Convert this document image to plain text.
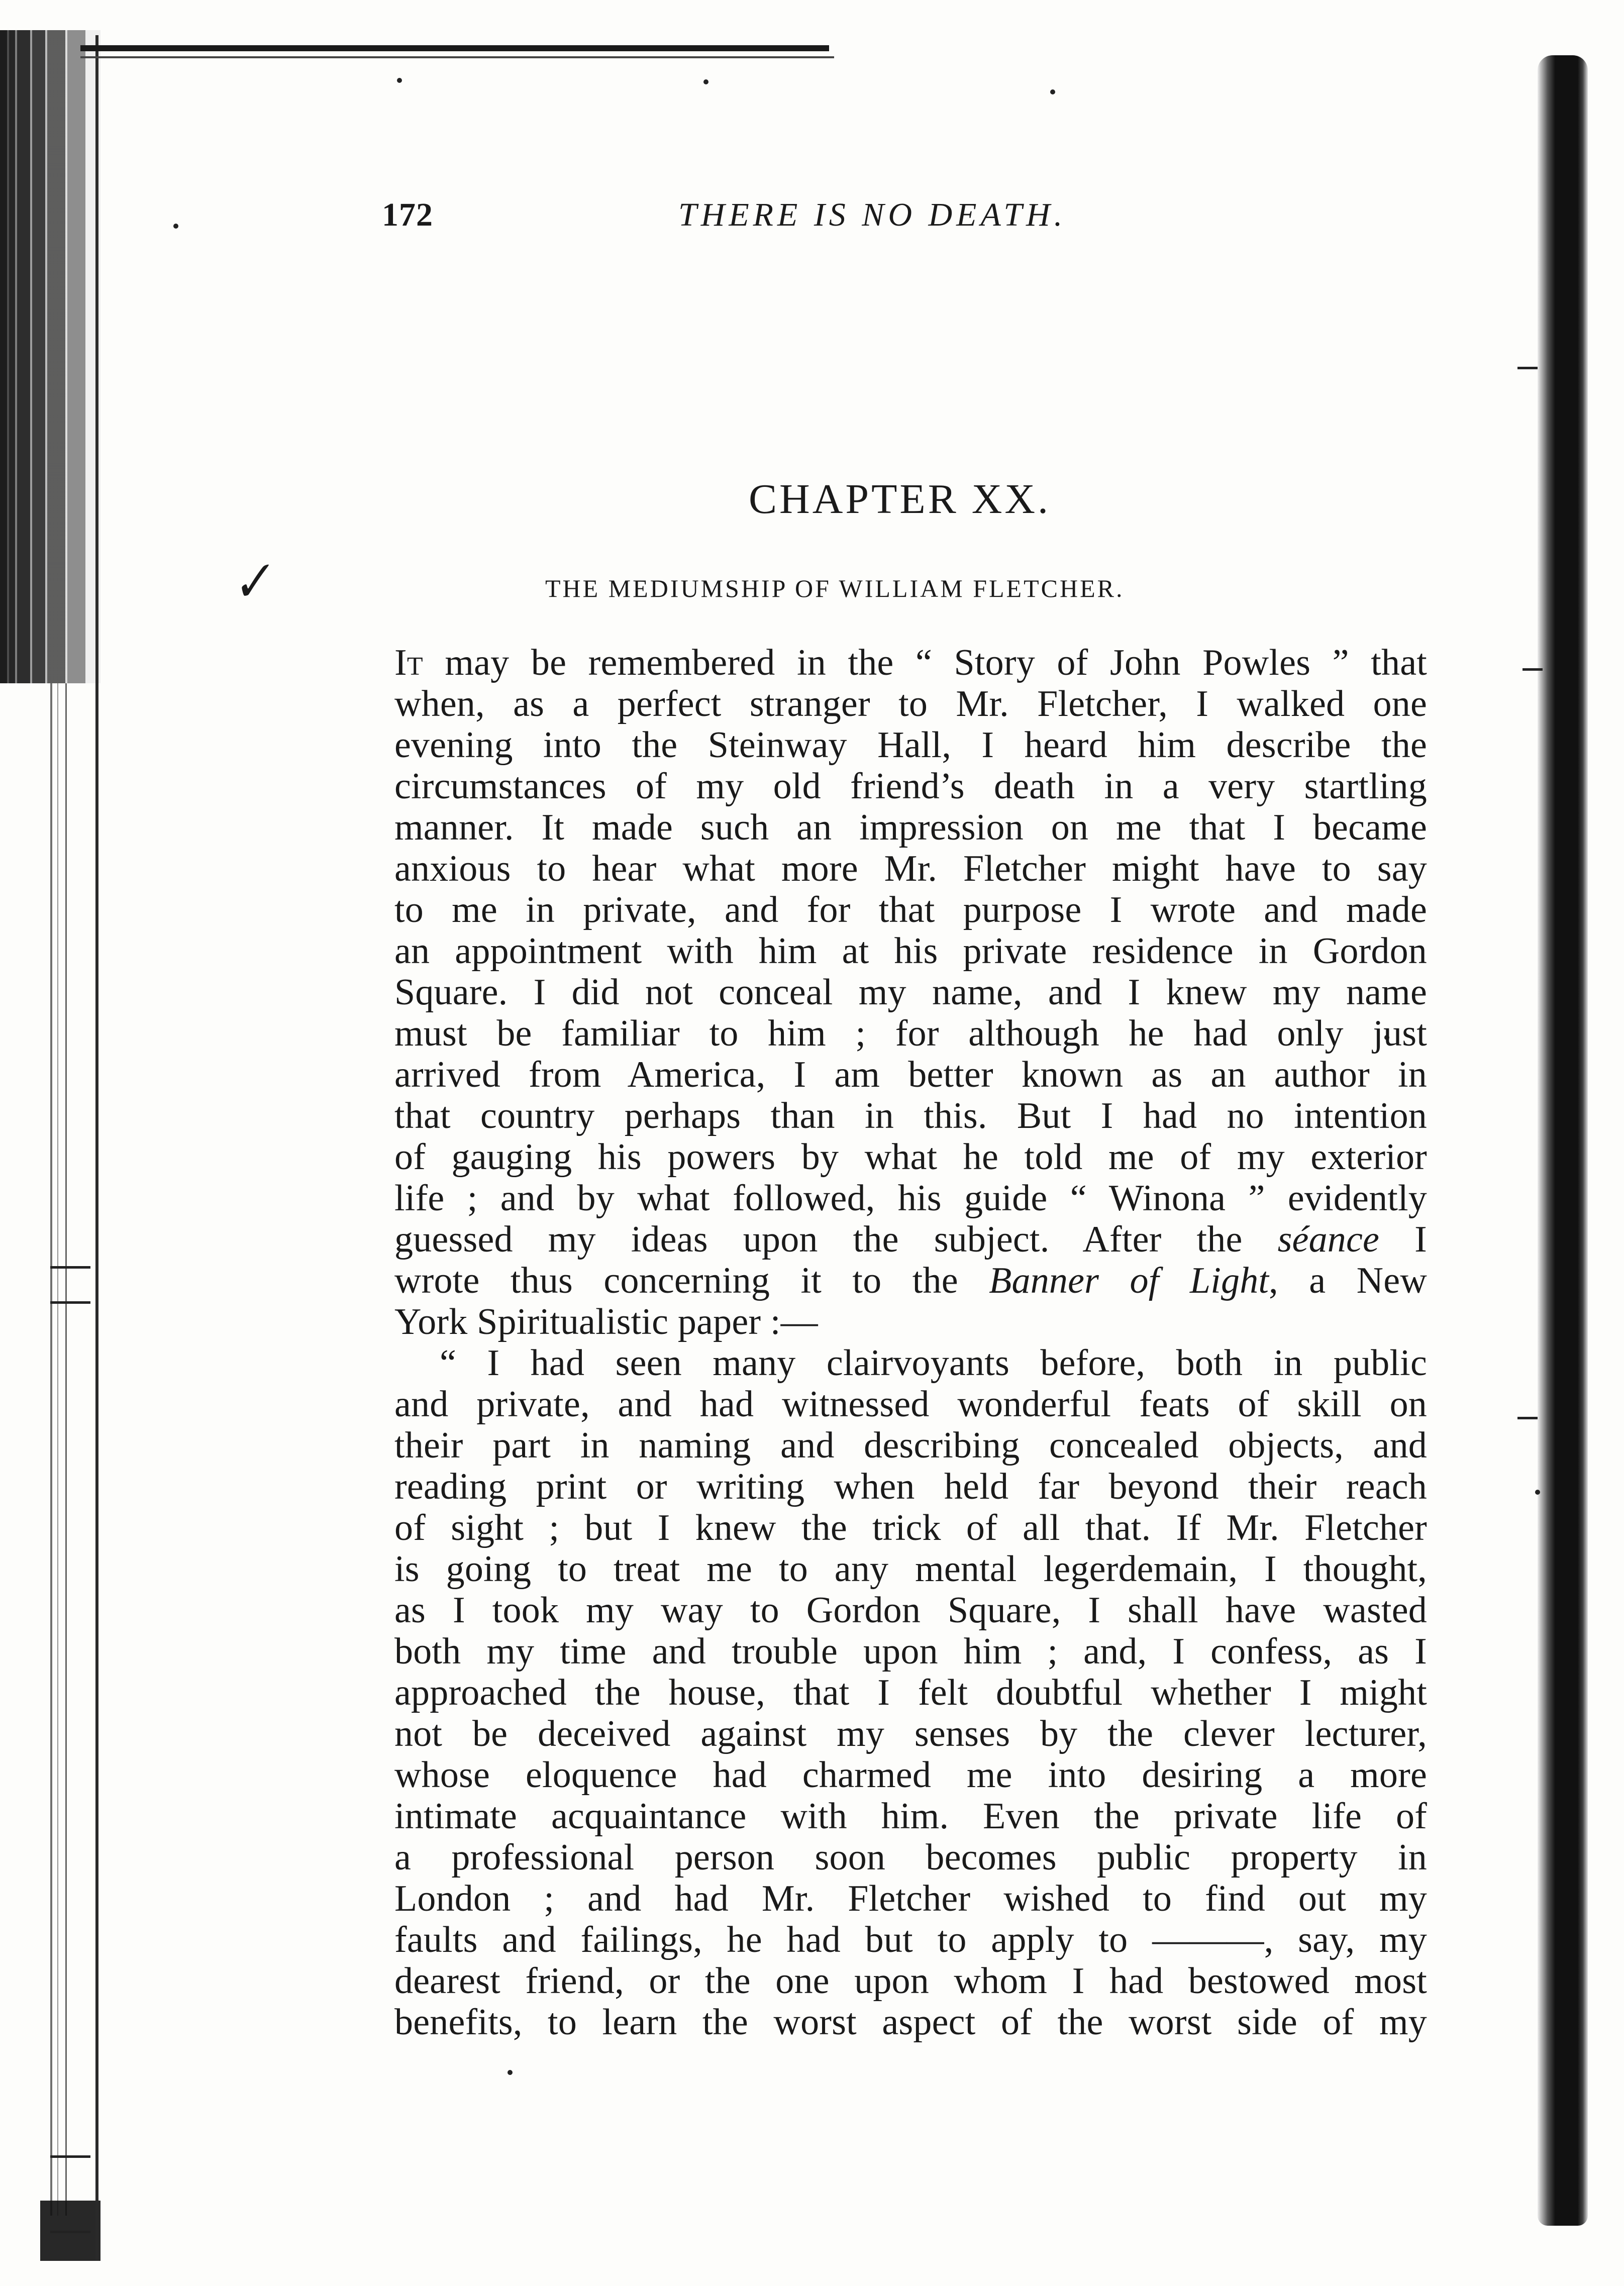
172	THERE IS NO DEATH.
CHAPTER XX.
✓	THE MEDIUMSHIP OF WILLIAM FLETCHER.
It may be remembered in the “ Story of John Powles ” that
when, as a perfect stranger to Mr. Fletcher, I walked one
evening into the Steinway Hall, I heard him describe the
circumstances of my old friend’s death in a very startling
manner. It made such an impression on me that I became
anxious to hear what more Mr. Fletcher might have to say
to me in private, and for that purpose I wrote and made
an appointment with him at his private residence in Gordon
Square. I did not conceal my name, and I knew my name
must be familiar to him ; for although he had only just
arrived from America, I am better known as an author in
that country perhaps than in this. But I had no intention
of gauging his powers by what he told me of my exterior
life ; and by what followed, his guide “ Winona ” evidently
guessed my ideas upon the subject. After the séance I
wrote thus concerning it to the Banner of Light, a New
York Spiritualistic paper :—
“ I had seen many clairvoyants before, both in public
and private, and had witnessed wonderful feats of skill on
their part in naming and describing concealed objects, and
reading print or writing when held far beyond their reach
of sight ; but I knew the trick of all that. If Mr. Fletcher
is going to treat me to any mental legerdemain, I thought,
as I took my way to Gordon Square, I shall have wasted
both my time and trouble upon him ; and, I confess, as I
approached the house, that I felt doubtful whether I might
not be deceived against my senses by the clever lecturer,
whose eloquence had charmed me into desiring a more
intimate acquaintance with him. Even the private life of
a professional person soon becomes public property in
London ; and had Mr. Fletcher wished to find out my
faults and failings, he had but to apply to ———, say, my
dearest friend, or the one upon whom I had bestowed most
benefits, to learn the worst aspect of the worst side of my
